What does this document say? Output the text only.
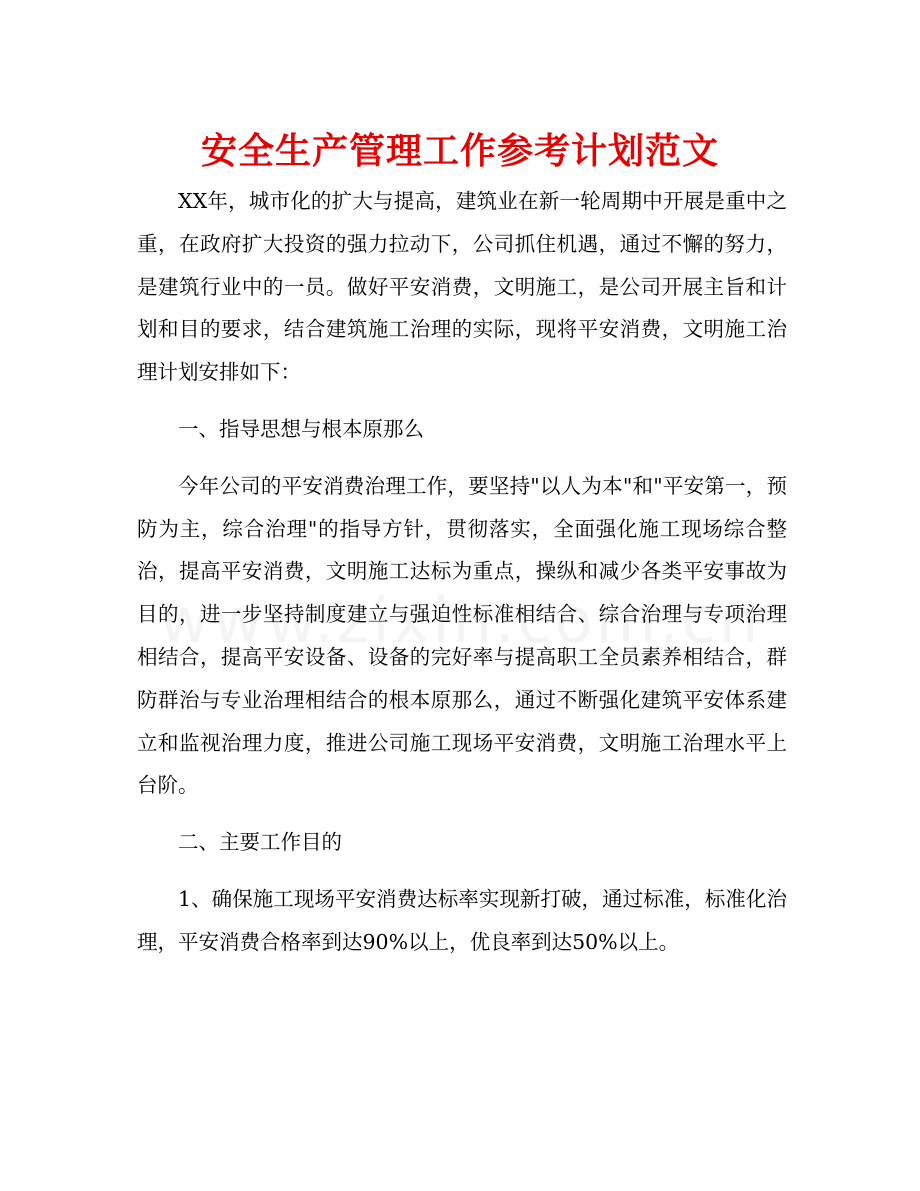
安全生产管理工作参考计划范文

XX年，城市化的扩大与提高，建筑业在新一轮周期中开展是重中之重，在政府扩大投资的强力拉动下，公司抓住机遇，通过不懈的努力，是建筑行业中的一员。做好平安消费，文明施工，是公司开展主旨和计划和目的要求，结合建筑施工治理的实际，现将平安消费，文明施工治理计划安排如下：

一、指导思想与根本原那么

今年公司的平安消费治理工作，要坚持"以人为本"和"平安第一，预防为主，综合治理"的指导方针，贯彻落实，全面强化施工现场综合整治，提高平安消费，文明施工达标为重点，操纵和减少各类平安事故为目的，进一步坚持制度建立与强迫性标准相结合、综合治理与专项治理相结合，提高平安设备、设备的完好率与提高职工全员素养相结合，群防群治与专业治理相结合的根本原那么，通过不断强化建筑平安体系建立和监视治理力度，推进公司施工现场平安消费，文明施工治理水平上台阶。

二、主要工作目的

1、确保施工现场平安消费达标率实现新打破，通过标准，标准化治理，平安消费合格率到达90%以上，优良率到达50%以上。
